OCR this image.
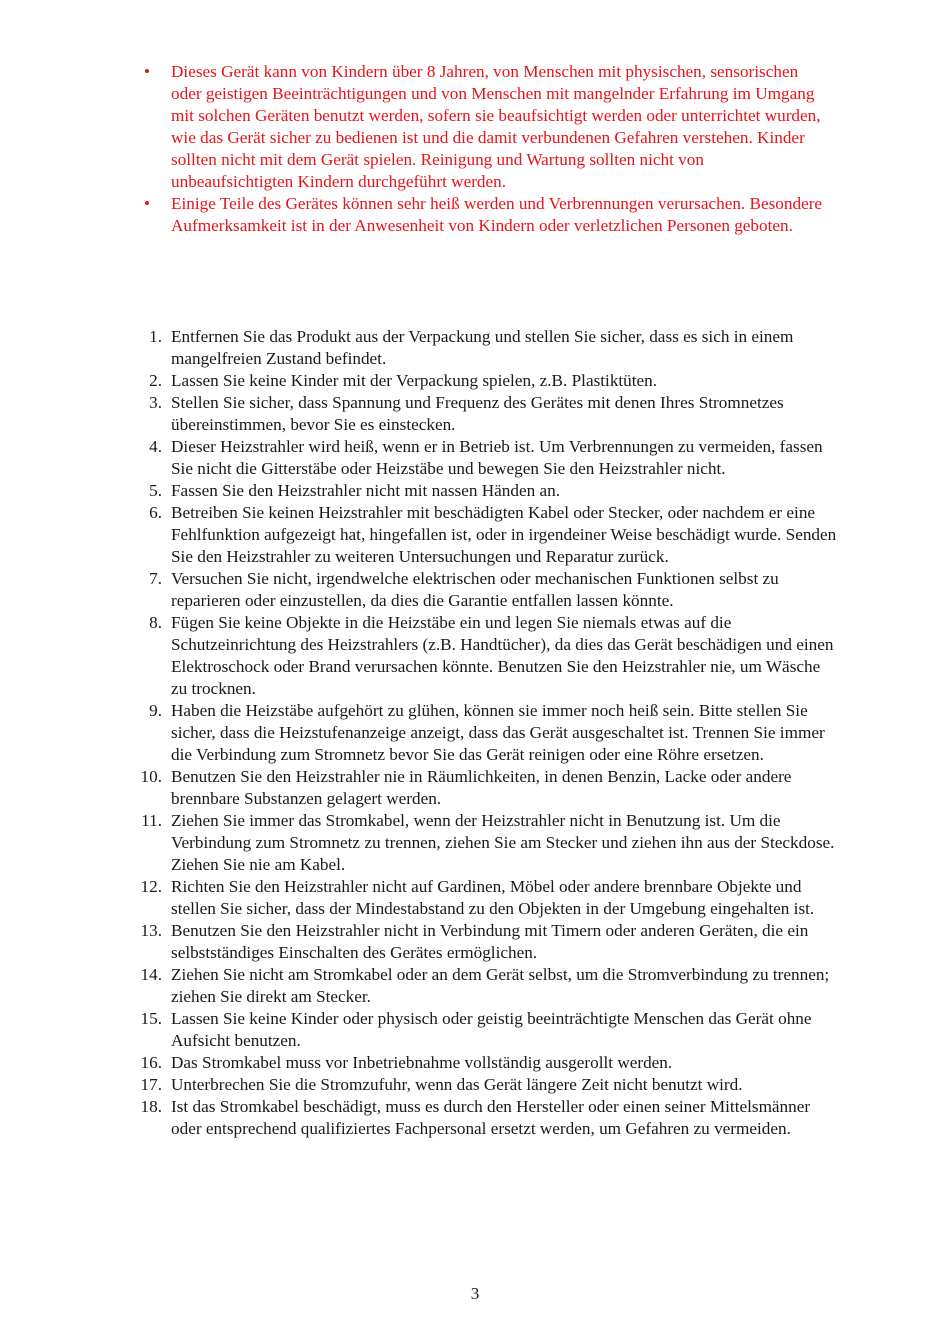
• Dieses Gerät kann von Kindern über 8 Jahren, von Menschen mit physischen, sensorischen oder geistigen Beeinträchtigungen und von Menschen mit mangelnder Erfahrung im Umgang mit solchen Geräten benutzt werden, sofern sie beaufsichtigt werden oder unterrichtet wurden, wie das Gerät sicher zu bedienen ist und die damit verbundenen Gefahren verstehen. Kinder sollten nicht mit dem Gerät spielen. Reinigung und Wartung sollten nicht von unbeaufsichtigten Kindern durchgeführt werden.
• Einige Teile des Gerätes können sehr heiß werden und Verbrennungen verursachen. Besondere Aufmerksamkeit ist in der Anwesenheit von Kindern oder verletzlichen Personen geboten.
1. Entfernen Sie das Produkt aus der Verpackung und stellen Sie sicher, dass es sich in einem mangelfreien Zustand befindet.
2. Lassen Sie keine Kinder mit der Verpackung spielen, z.B. Plastiktüten.
3. Stellen Sie sicher, dass Spannung und Frequenz des Gerätes mit denen Ihres Stromnetzes übereinstimmen, bevor Sie es einstecken.
4. Dieser Heizstrahler wird heiß, wenn er in Betrieb ist. Um Verbrennungen zu vermeiden, fassen Sie nicht die Gitterstäbe oder Heizstäbe und bewegen Sie den Heizstrahler nicht.
5. Fassen Sie den Heizstrahler nicht mit nassen Händen an.
6. Betreiben Sie keinen Heizstrahler mit beschädigten Kabel oder Stecker, oder nachdem er eine Fehlfunktion aufgezeigt hat, hingefallen ist, oder in irgendeiner Weise beschädigt wurde. Senden Sie den Heizstrahler zu weiteren Untersuchungen und Reparatur zurück.
7. Versuchen Sie nicht, irgendwelche elektrischen oder mechanischen Funktionen selbst zu reparieren oder einzustellen, da dies die Garantie entfallen lassen könnte.
8. Fügen Sie keine Objekte in die Heizstäbe ein und legen Sie niemals etwas auf die Schutzeinrichtung des Heizstrahlers (z.B. Handtücher), da dies das Gerät beschädigen und einen Elektroschock oder Brand verursachen könnte. Benutzen Sie den Heizstrahler nie, um Wäsche zu trocknen.
9. Haben die Heizstäbe aufgehört zu glühen, können sie immer noch heiß sein. Bitte stellen Sie sicher, dass die Heizstufenanzeige anzeigt, dass das Gerät ausgeschaltet ist. Trennen Sie immer die Verbindung zum Stromnetz bevor Sie das Gerät reinigen oder eine Röhre ersetzen.
10. Benutzen Sie den Heizstrahler nie in Räumlichkeiten, in denen Benzin, Lacke oder andere brennbare Substanzen gelagert werden.
11. Ziehen Sie immer das Stromkabel, wenn der Heizstrahler nicht in Benutzung ist. Um die Verbindung zum Stromnetz zu trennen, ziehen Sie am Stecker und ziehen ihn aus der Steckdose. Ziehen Sie nie am Kabel.
12. Richten Sie den Heizstrahler nicht auf Gardinen, Möbel oder andere brennbare Objekte und stellen Sie sicher, dass der Mindestabstand zu den Objekten in der Umgebung eingehalten ist.
13. Benutzen Sie den Heizstrahler nicht in Verbindung mit Timern oder anderen Geräten, die ein selbstständiges Einschalten des Gerätes ermöglichen.
14. Ziehen Sie nicht am Stromkabel oder an dem Gerät selbst, um die Stromverbindung zu trennen; ziehen Sie direkt am Stecker.
15. Lassen Sie keine Kinder oder physisch oder geistig beeinträchtigte Menschen das Gerät ohne Aufsicht benutzen.
16. Das Stromkabel muss vor Inbetriebnahme vollständig ausgerollt werden.
17. Unterbrechen Sie die Stromzufuhr, wenn das Gerät längere Zeit nicht benutzt wird.
18. Ist das Stromkabel beschädigt, muss es durch den Hersteller oder einen seiner Mittelsmänner oder entsprechend qualifiziertes Fachpersonal ersetzt werden, um Gefahren zu vermeiden.
3
